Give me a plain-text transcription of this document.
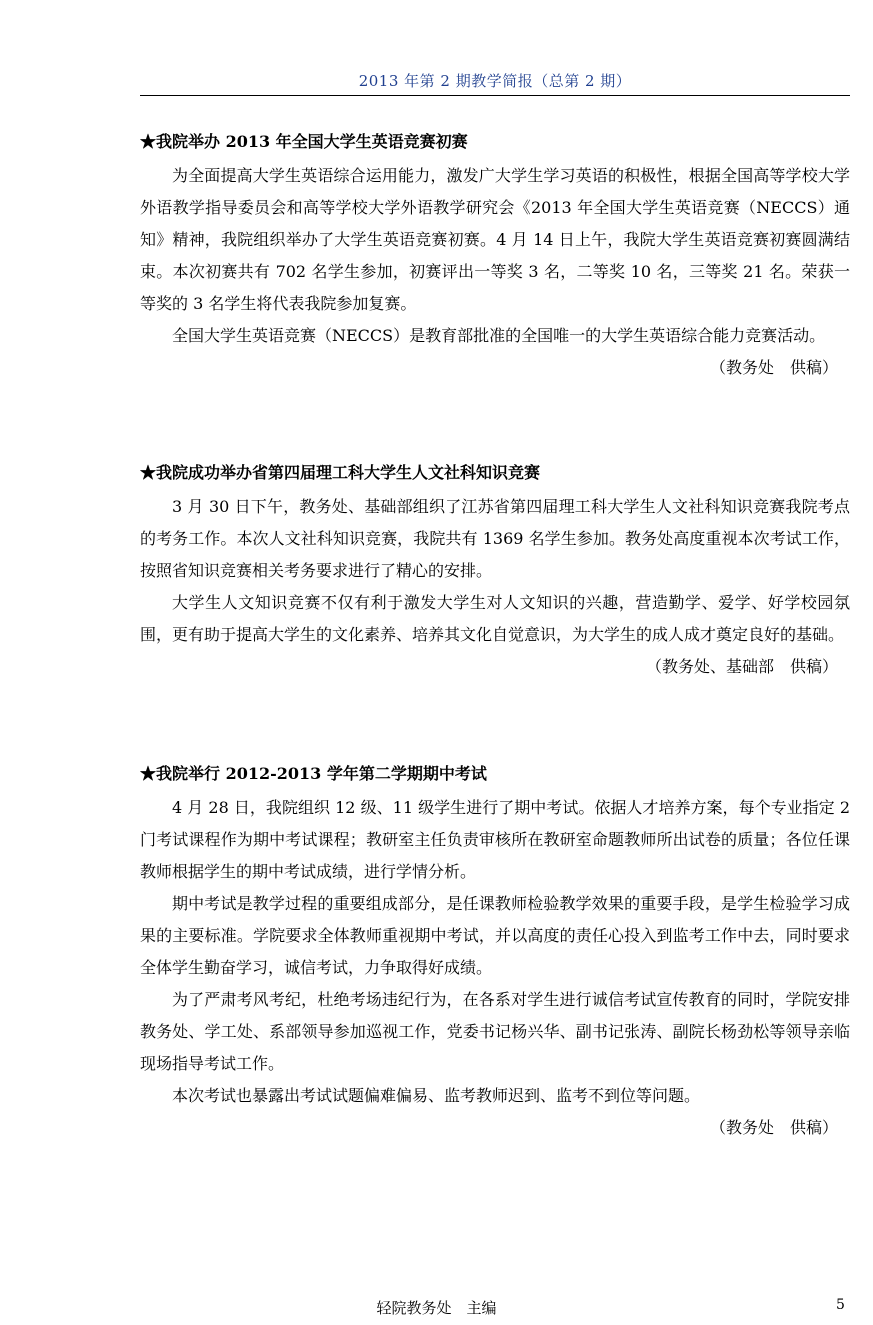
2013 年第 2 期教学简报（总第 2 期）
★我院举办 2013 年全国大学生英语竞赛初赛

为全面提高大学生英语综合运用能力，激发广大学生学习英语的积极性，根据全国高等学校大学外语教学指导委员会和高等学校大学外语教学研究会《2013 年全国大学生英语竞赛（NECCS）通知》精神，我院组织举办了大学生英语竞赛初赛。4 月 14 日上午，我院大学生英语竞赛初赛圆满结束。本次初赛共有 702 名学生参加，初赛评出一等奖 3 名，二等奖 10 名，三等奖 21 名。荣获一等奖的 3 名学生将代表我院参加复赛。

全国大学生英语竞赛（NECCS）是教育部批准的全国唯一的大学生英语综合能力竞赛活动。

（教务处　供稿）
★我院成功举办省第四届理工科大学生人文社科知识竞赛

3 月 30 日下午，教务处、基础部组织了江苏省第四届理工科大学生人文社科知识竞赛我院考点的考务工作。本次人文社科知识竞赛，我院共有 1369 名学生参加。教务处高度重视本次考试工作，按照省知识竞赛相关考务要求进行了精心的安排。

大学生人文知识竞赛不仅有利于激发大学生对人文知识的兴趣，营造勤学、爱学、好学校园氛围，更有助于提高大学生的文化素养、培养其文化自觉意识，为大学生的成人成才奠定良好的基础。

（教务处、基础部　供稿）
★我院举行 2012-2013 学年第二学期期中考试

4 月 28 日，我院组织 12 级、11 级学生进行了期中考试。依据人才培养方案，每个专业指定 2 门考试课程作为期中考试课程；教研室主任负责审核所在教研室命题教师所出试卷的质量；各位任课教师根据学生的期中考试成绩，进行学情分析。

期中考试是教学过程的重要组成部分，是任课教师检验教学效果的重要手段，是学生检验学习成果的主要标准。学院要求全体教师重视期中考试，并以高度的责任心投入到监考工作中去，同时要求全体学生勤奋学习，诚信考试，力争取得好成绩。

为了严肃考风考纪，杜绝考场违纪行为，在各系对学生进行诚信考试宣传教育的同时，学院安排教务处、学工处、系部领导参加巡视工作，党委书记杨兴华、副书记张涛、副院长杨劲松等领导亲临现场指导考试工作。

本次考试也暴露出考试试题偏难偏易、监考教师迟到、监考不到位等问题。

（教务处　供稿）
轻院教务处　主编	5
